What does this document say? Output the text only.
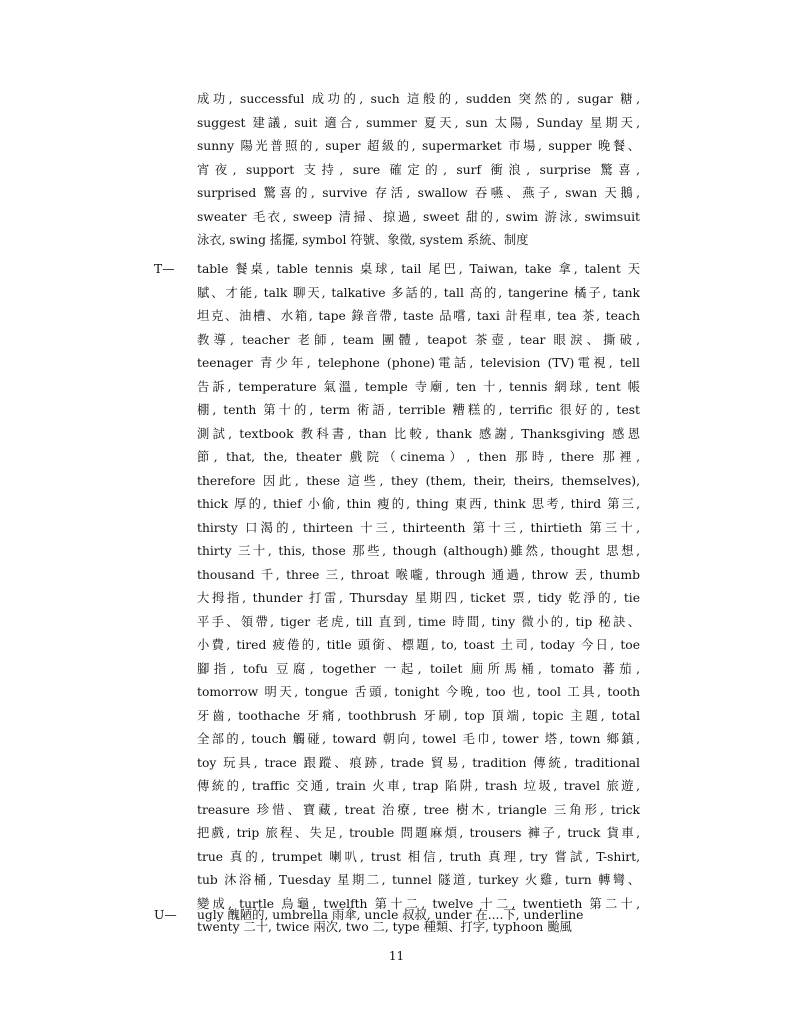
成功, successful 成功的, such 這般的, sudden 突然的, sugar 糖,
suggest 建議, suit 適合, summer 夏天, sun 太陽, Sunday 星期天,
sunny 陽光普照的, super 超級的, supermarket 市場, supper 晚餐、
宵夜, support 支持, sure 確定的, surf 衝浪, surprise 驚喜,
surprised 驚喜的, survive 存活, swallow 吞嚥、燕子, swan 天鵝,
sweater 毛衣, sweep 清掃、掠過, sweet 甜的, swim 游泳, swimsuit
泳衣, swing 搖擺, symbol 符號、象徵, system 系統、制度
T— table 餐桌, table tennis 桌球, tail 尾巴, Taiwan, take 拿, talent 天
賦、才能, talk 聊天, talkative 多話的, tall 高的, tangerine 橘子, tank
坦克、油槽、水箱, tape 錄音帶, taste 品嚐, taxi 計程車, tea 茶, teach
教導, teacher 老師, team 團體, teapot 茶壺, tear 眼淚、撕破,
teenager 青少年, telephone (phone)電話, television (TV)電視, tell
告訴, temperature 氣溫, temple 寺廟, ten 十, tennis 網球, tent 帳
棚, tenth 第十的, term 術語, terrible 糟糕的, terrific 很好的, test
測試, textbook 教科書, than 比較, thank 感謝, Thanksgiving 感恩
節, that, the, theater 戲院（cinema）, then 那時, there 那裡,
therefore 因此, these 這些, they (them, their, theirs, themselves),
thick 厚的, thief 小偷, thin 瘦的, thing 東西, think 思考, third 第三,
thirsty 口渴的, thirteen 十三, thirteenth 第十三, thirtieth 第三十,
thirty 三十, this, those 那些, though (although)雖然, thought 思想,
thousand 千, three 三, throat 喉嚨, through 通過, throw 丟, thumb
大拇指, thunder 打雷, Thursday 星期四, ticket 票, tidy 乾淨的, tie
平手、領帶, tiger 老虎, till 直到, time 時間, tiny 微小的, tip 秘訣、
小費, tired 疲倦的, title 頭銜、標題, to, toast 土司, today 今日, toe
腳指, tofu 豆腐, together 一起, toilet 廁所馬桶, tomato 蕃茄,
tomorrow 明天, tongue 舌頭, tonight 今晚, too 也, tool 工具, tooth
牙齒, toothache 牙痛, toothbrush 牙刷, top 頂端, topic 主題, total
全部的, touch 觸碰, toward 朝向, towel 毛巾, tower 塔, town 鄉鎮,
toy 玩具, trace 跟蹤、痕跡, trade 貿易, tradition 傳統, traditional
傳統的, traffic 交通, train 火車, trap 陷阱, trash 垃圾, travel 旅遊,
treasure 珍惜、寶藏, treat 治療, tree 樹木, triangle 三角形, trick
把戲, trip 旅程、失足, trouble 問題麻煩, trousers 褲子, truck 貨車,
true 真的, trumpet 喇叭, trust 相信, truth 真理, try 嘗試, T-shirt,
tub 沐浴桶, Tuesday 星期二, tunnel 隧道, turkey 火雞, turn 轉彎、
變成, turtle 烏龜, twelfth 第十二, twelve 十二, twentieth 第二十,
twenty 二十, twice 兩次, two 二, type 種類、打字, typhoon 颱風
U— ugly 醜陋的, umbrella 雨傘, uncle 叔叔, under 在....下, underline
11
